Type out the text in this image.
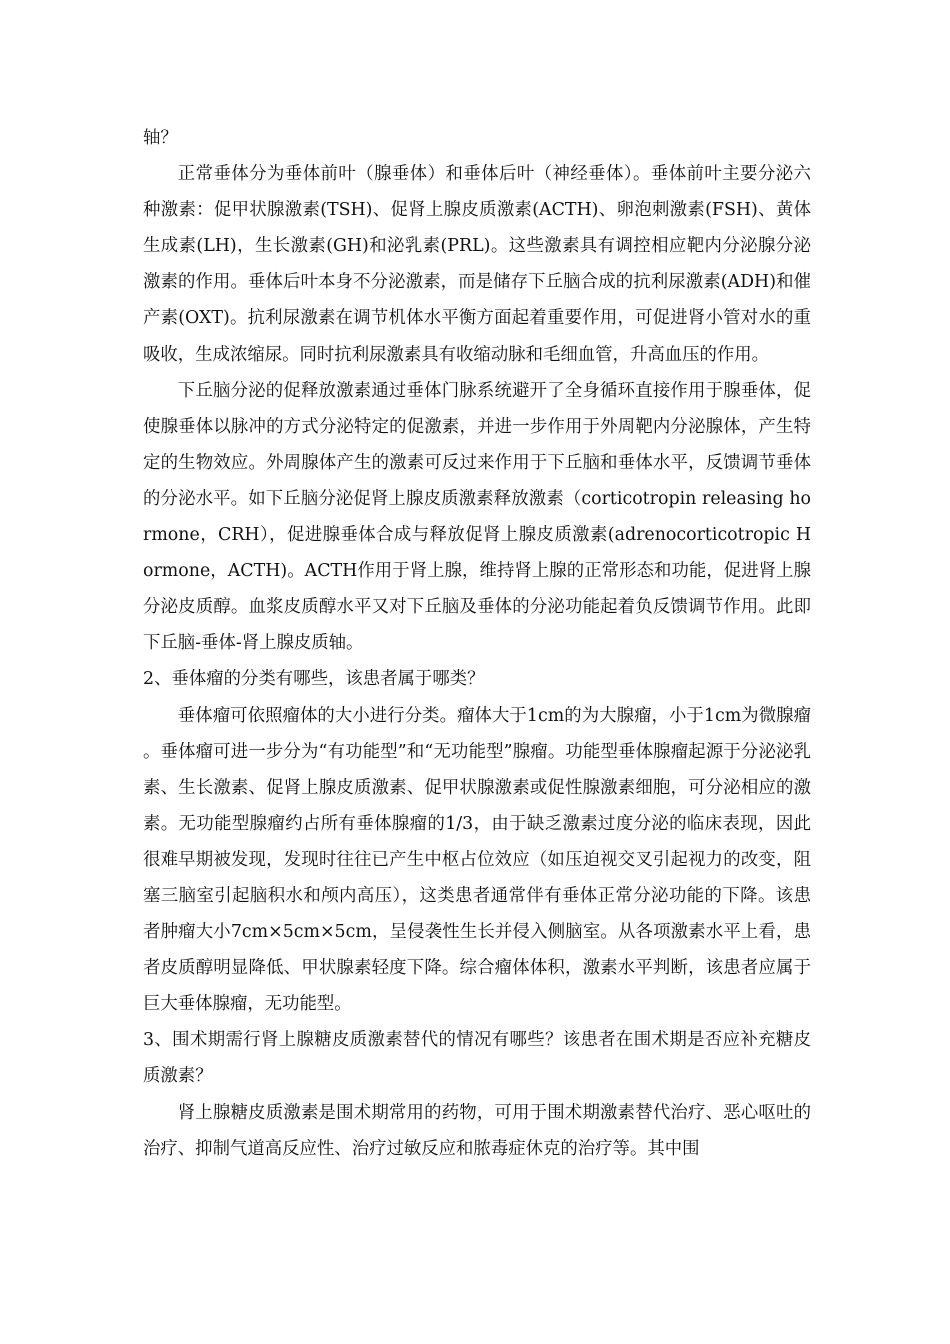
轴？

正常垂体分为垂体前叶（腺垂体）和垂体后叶（神经垂体）。垂体前叶主要分泌六种激素：促甲状腺激素(TSH)、促肾上腺皮质激素(ACTH)、卵泡刺激素(FSH)、黄体生成素(LH)，生长激素(GH)和泌乳素(PRL)。这些激素具有调控相应靶内分泌腺分泌激素的作用。垂体后叶本身不分泌激素，而是储存下丘脑合成的抗利尿激素(ADH)和催产素(OXT)。抗利尿激素在调节机体水平衡方面起着重要作用，可促进肾小管对水的重吸收，生成浓缩尿。同时抗利尿激素具有收缩动脉和毛细血管，升高血压的作用。

下丘脑分泌的促释放激素通过垂体门脉系统避开了全身循环直接作用于腺垂体，促使腺垂体以脉冲的方式分泌特定的促激素，并进一步作用于外周靶内分泌腺体，产生特定的生物效应。外周腺体产生的激素可反过来作用于下丘脑和垂体水平，反馈调节垂体的分泌水平。如下丘脑分泌促肾上腺皮质激素释放激素（corticotropin releasing hormone，CRH），促进腺垂体合成与释放促肾上腺皮质激素(adrenocorticotropic Hormone，ACTH)。ACTH作用于肾上腺，维持肾上腺的正常形态和功能，促进肾上腺分泌皮质醇。血浆皮质醇水平又对下丘脑及垂体的分泌功能起着负反馈调节作用。此即下丘脑-垂体-肾上腺皮质轴。

2、垂体瘤的分类有哪些，该患者属于哪类？

垂体瘤可依照瘤体的大小进行分类。瘤体大于1cm的为大腺瘤，小于1cm为微腺瘤。垂体瘤可进一步分为“有功能型”和“无功能型”腺瘤。功能型垂体腺瘤起源于分泌泌乳素、生长激素、促肾上腺皮质激素、促甲状腺激素或促性腺激素细胞，可分泌相应的激素。无功能型腺瘤约占所有垂体腺瘤的1/3，由于缺乏激素过度分泌的临床表现，因此很难早期被发现，发现时往往已产生中枢占位效应（如压迫视交叉引起视力的改变，阻塞三脑室引起脑积水和颅内高压），这类患者通常伴有垂体正常分泌功能的下降。该患者肿瘤大小7cm×5cm×5cm，呈侵袭性生长并侵入侧脑室。从各项激素水平上看，患者皮质醇明显降低、甲状腺素轻度下降。综合瘤体体积，激素水平判断，该患者应属于巨大垂体腺瘤，无功能型。

3、围术期需行肾上腺糖皮质激素替代的情况有哪些？该患者在围术期是否应补充糖皮质激素？

肾上腺糖皮质激素是围术期常用的药物，可用于围术期激素替代治疗、恶心呕吐的治疗、抑制气道高反应性、治疗过敏反应和脓毒症休克的治疗等。其中围
